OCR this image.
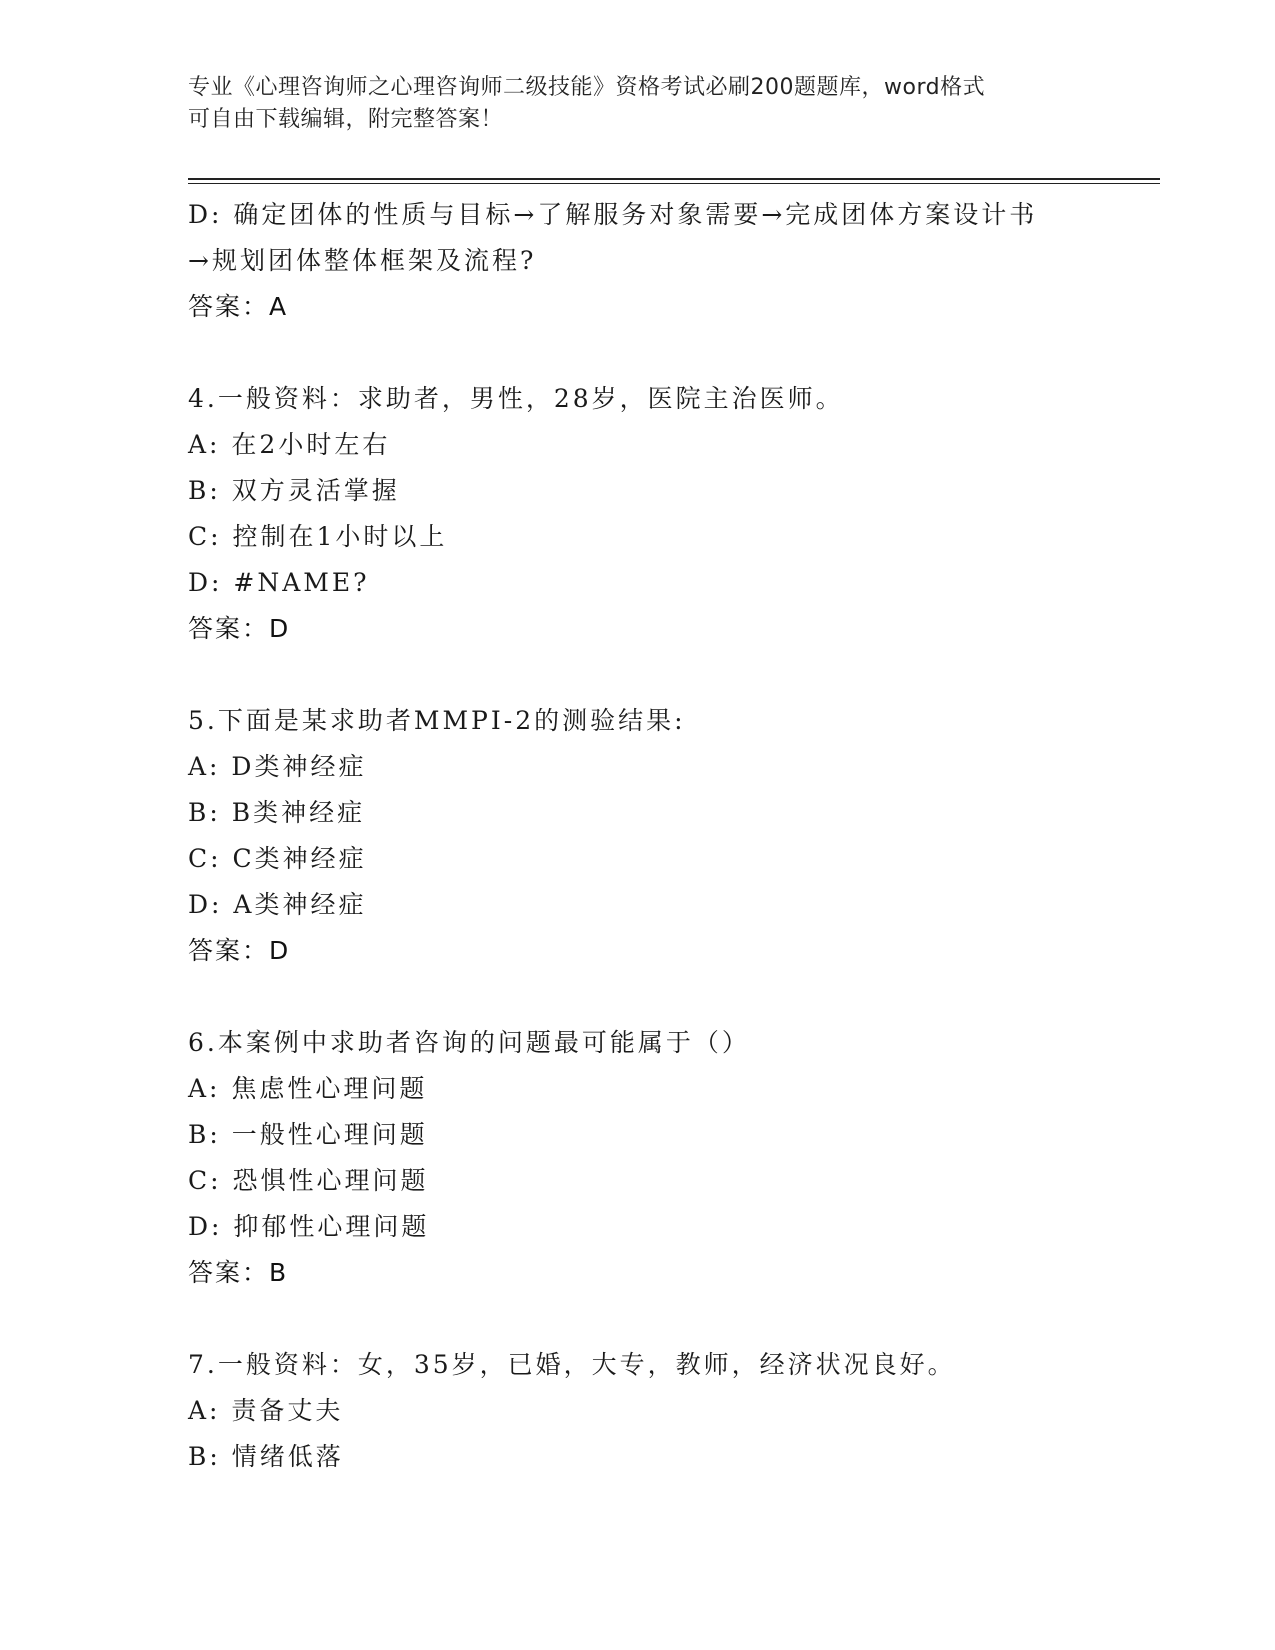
专业《心理咨询师之心理咨询师二级技能》资格考试必刷200题题库，word格式
可自由下载编辑，附完整答案！
D: 确定团体的性质与目标→了解服务对象需要→完成团体方案设计书
→规划团体整体框架及流程?
答案：A
4.一般资料：求助者，男性，28岁，医院主治医师。
A: 在2小时左右
B: 双方灵活掌握
C: 控制在1小时以上
D: #NAME?
答案：D
5.下面是某求助者MMPI-2的测验结果:
A: D类神经症
B: B类神经症
C: C类神经症
D: A类神经症
答案：D
6.本案例中求助者咨询的问题最可能属于（）
A: 焦虑性心理问题
B: 一般性心理问题
C: 恐惧性心理问题
D: 抑郁性心理问题
答案：B
7.一般资料：女，35岁，已婚，大专，教师，经济状况良好。
A: 责备丈夫
B: 情绪低落
